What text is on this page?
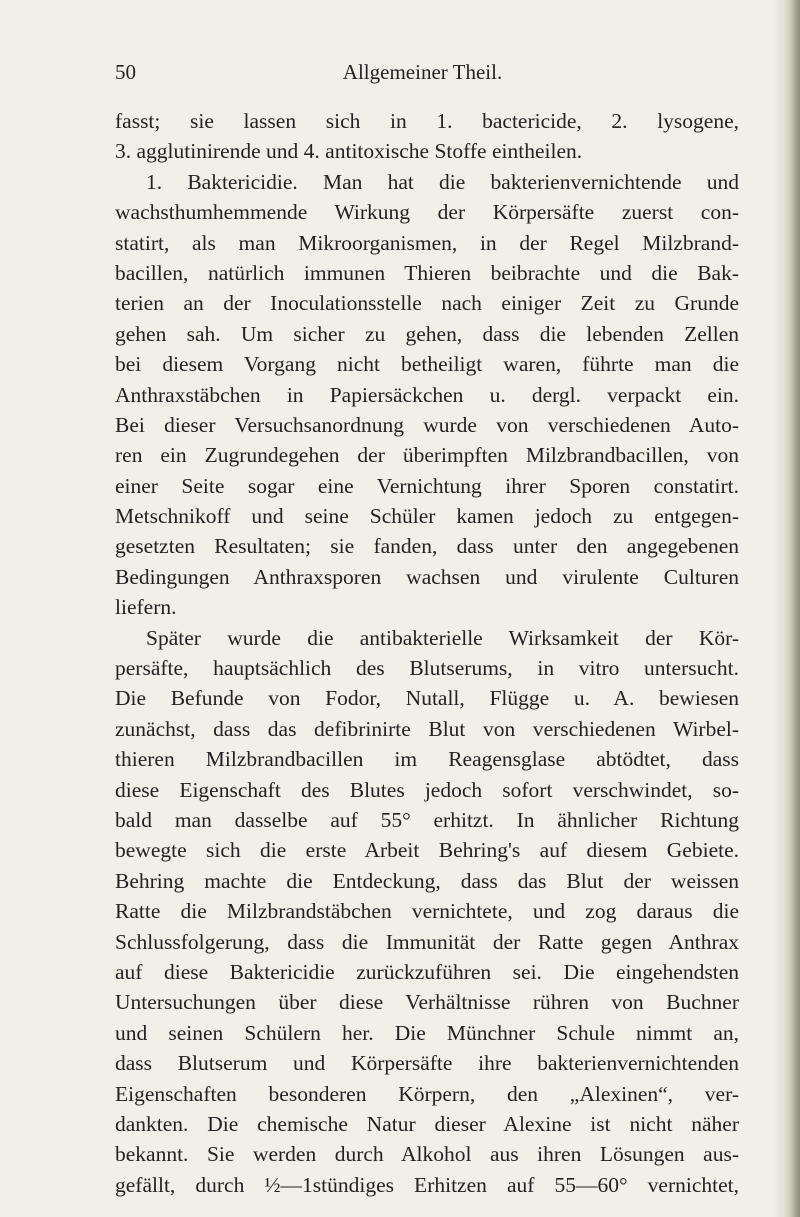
50	Allgemeiner Theil.
fasst; sie lassen sich in 1. bactericide, 2. lysogene,
3. agglutinirende und 4. antitoxische Stoffe eintheilen.
1. Baktericidie. Man hat die bakterienvernichtende und
wachsthumhemmende Wirkung der Körpersäfte zuerst con-
statirt, als man Mikroorganismen, in der Regel Milzbrand-
bacillen, natürlich immunen Thieren beibrachte und die Bak-
terien an der Inoculationsstelle nach einiger Zeit zu Grunde
gehen sah. Um sicher zu gehen, dass die lebenden Zellen
bei diesem Vorgang nicht betheiligt waren, führte man die
Anthraxstäbchen in Papiersäckchen u. dergl. verpackt ein.
Bei dieser Versuchsanordnung wurde von verschiedenen Auto-
ren ein Zugrundegehen der überimpften Milzbrandbacillen, von
einer Seite sogar eine Vernichtung ihrer Sporen constatirt.
Metschnikoff und seine Schüler kamen jedoch zu entgegen-
gesetzten Resultaten; sie fanden, dass unter den angegebenen
Bedingungen Anthraxsporen wachsen und virulente Culturen
liefern.
Später wurde die antibakterielle Wirksamkeit der Kör-
persäfte, hauptsächlich des Blutserums, in vitro untersucht.
Die Befunde von Fodor, Nutall, Flügge u. A. bewiesen
zunächst, dass das defibrinirte Blut von verschiedenen Wirbel-
thieren Milzbrandbacillen im Reagensglase abtödtet, dass
diese Eigenschaft des Blutes jedoch sofort verschwindet, so-
bald man dasselbe auf 55° erhitzt. In ähnlicher Richtung
bewegte sich die erste Arbeit Behring's auf diesem Gebiete.
Behring machte die Entdeckung, dass das Blut der weissen
Ratte die Milzbrandstäbchen vernichtete, und zog daraus die
Schlussfolgerung, dass die Immunität der Ratte gegen Anthrax
auf diese Baktericidie zurückzuführen sei. Die eingehendsten
Untersuchungen über diese Verhältnisse rühren von Buchner
und seinen Schülern her. Die Münchner Schule nimmt an,
dass Blutserum und Körpersäfte ihre bakterienvernichtenden
Eigenschaften besonderen Körpern, den „Alexinen“, ver-
dankten. Die chemische Natur dieser Alexine ist nicht näher
bekannt. Sie werden durch Alkohol aus ihren Lösungen aus-
gefällt, durch ½—1stündiges Erhitzen auf 55—60° vernichtet,
